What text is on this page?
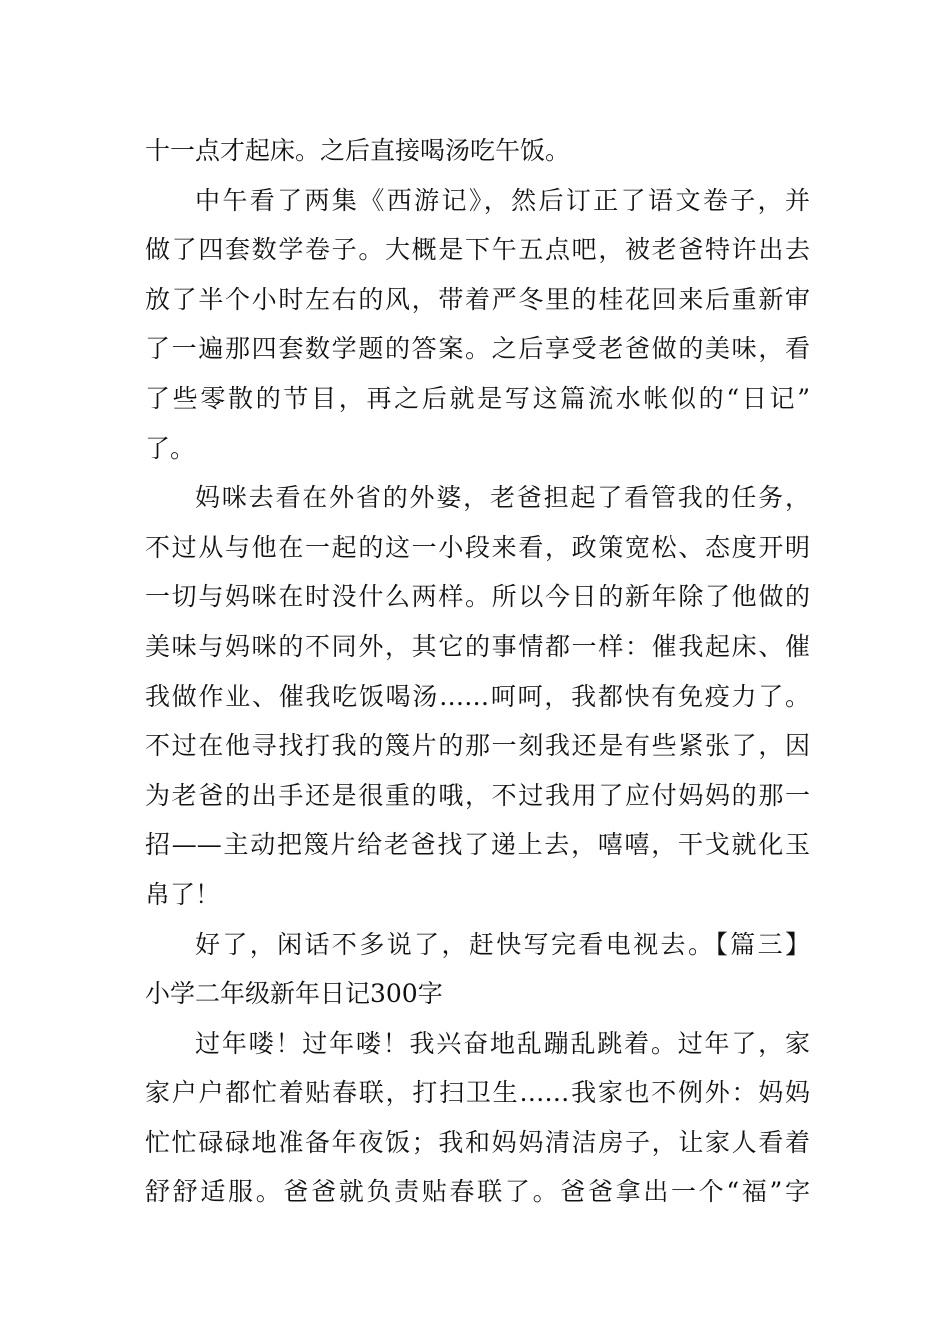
十一点才起床。之后直接喝汤吃午饭。
中午看了两集《西游记》，然后订正了语文卷子，并
做了四套数学卷子。大概是下午五点吧，被老爸特许出去
放了半个小时左右的风，带着严冬里的桂花回来后重新审
了一遍那四套数学题的答案。之后享受老爸做的美味，看
了些零散的节目，再之后就是写这篇流水帐似的“日记”
了。
妈咪去看在外省的外婆，老爸担起了看管我的任务，
不过从与他在一起的这一小段来看，政策宽松、态度开明
一切与妈咪在时没什么两样。所以今日的新年除了他做的
美味与妈咪的不同外，其它的事情都一样：催我起床、催
我做作业、催我吃饭喝汤……呵呵，我都快有免疫力了。
不过在他寻找打我的篾片的那一刻我还是有些紧张了，因
为老爸的出手还是很重的哦，不过我用了应付妈妈的那一
招——主动把篾片给老爸找了递上去，嘻嘻，干戈就化玉
帛了！
好了，闲话不多说了，赶快写完看电视去。【篇三】
小学二年级新年日记300字
过年喽！过年喽！我兴奋地乱蹦乱跳着。过年了，家
家户户都忙着贴春联，打扫卫生……我家也不例外：妈妈
忙忙碌碌地准备年夜饭；我和妈妈清洁房子，让家人看着
舒舒适服。爸爸就负责贴春联了。爸爸拿出一个“福”字
